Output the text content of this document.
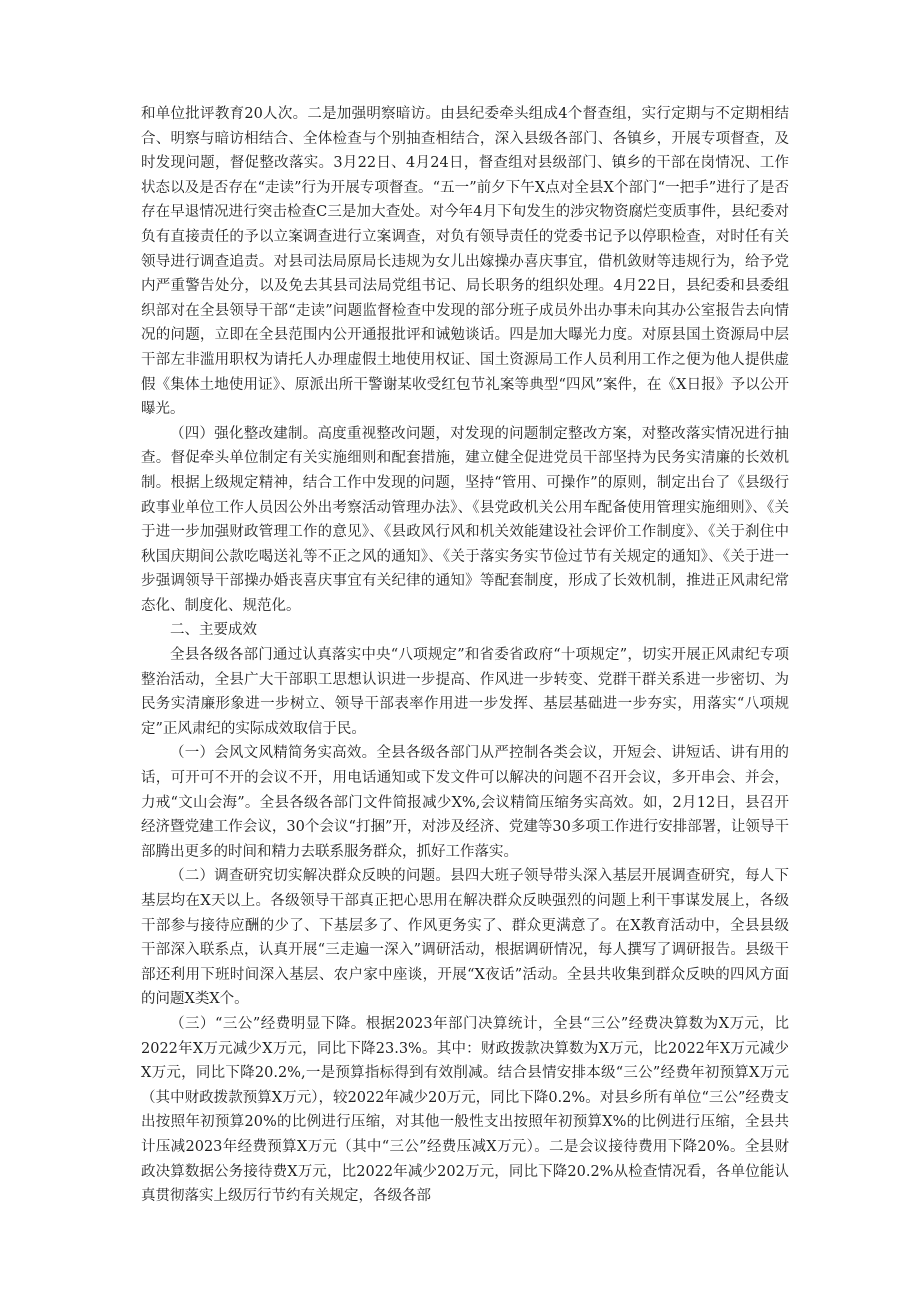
和单位批评教育20人次。二是加强明察暗访。由县纪委牵头组成4个督查组，实行定期与不定期相结合、明察与暗访相结合、全体检查与个别抽查相结合，深入县级各部门、各镇乡，开展专项督查，及时发现问题，督促整改落实。3月22日、4月24日，督查组对县级部门、镇乡的干部在岗情况、工作状态以及是否存在“走读”行为开展专项督查。“五一”前夕下午X点对全县X个部门“一把手”进行了是否存在早退情况进行突击检查C三是加大查处。对今年4月下旬发生的涉灾物资腐烂变质事件，县纪委对负有直接责任的予以立案调查进行立案调查，对负有领导责任的党委书记予以停职检查，对时任有关领导进行调查追责。对县司法局原局长违规为女儿出嫁操办喜庆事宜，借机敛财等违规行为，给予党内严重警告处分，以及免去其县司法局党组书记、局长职务的组织处理。4月22日，县纪委和县委组织部对在全县领导干部“走读”问题监督检查中发现的部分班子成员外出办事未向其办公室报告去向情况的问题，立即在全县范围内公开通报批评和诫勉谈话。四是加大曝光力度。对原县国土资源局中层干部左非滥用职权为请托人办理虚假土地使用权证、国土资源局工作人员利用工作之便为他人提供虚假《集体土地使用证》、原派出所干警谢某收受红包节礼案等典型“四风”案件，在《X日报》予以公开曝光。

（四）强化整改建制。高度重视整改问题，对发现的问题制定整改方案，对整改落实情况进行抽查。督促牵头单位制定有关实施细则和配套措施，建立健全促进党员干部坚持为民务实清廉的长效机制。根据上级规定精神，结合工作中发现的问题，坚持“管用、可操作”的原则，制定出台了《县级行政事业单位工作人员因公外出考察活动管理办法》、《县党政机关公用车配备使用管理实施细则》、《关于进一步加强财政管理工作的意见》、《县政风行风和机关效能建设社会评价工作制度》、《关于刹住中秋国庆期间公款吃喝送礼等不正之风的通知》、《关于落实务实节俭过节有关规定的通知》、《关于进一步强调领导干部操办婚丧喜庆事宜有关纪律的通知》等配套制度，形成了长效机制，推进正风肃纪常态化、制度化、规范化。

二、主要成效

全县各级各部门通过认真落实中央“八项规定”和省委省政府“十项规定”，切实开展正风肃纪专项整治活动，全县广大干部职工思想认识进一步提高、作风进一步转变、党群干群关系进一步密切、为民务实清廉形象进一步树立、领导干部表率作用进一步发挥、基层基础进一步夯实，用落实“八项规定”正风肃纪的实际成效取信于民。

（一）会风文风精简务实高效。全县各级各部门从严控制各类会议，开短会、讲短话、讲有用的话，可开可不开的会议不开，用电话通知或下发文件可以解决的问题不召开会议，多开串会、并会，力戒“文山会海”。全县各级各部门文件简报减少X%,会议精简压缩务实高效。如，2月12日，县召开经济暨党建工作会议，30个会议“打捆”开，对涉及经济、党建等30多项工作进行安排部署，让领导干部腾出更多的时间和精力去联系服务群众，抓好工作落实。

（二）调查研究切实解决群众反映的问题。县四大班子领导带头深入基层开展调查研究，每人下基层均在X天以上。各级领导干部真正把心思用在解决群众反映强烈的问题上利干事谋发展上，各级干部参与接待应酬的少了、下基层多了、作风更务实了、群众更满意了。在X教育活动中，全县县级干部深入联系点，认真开展“三走遍一深入”调研活动，根据调研情况，每人撰写了调研报告。县级干部还利用下班时间深入基层、农户家中座谈，开展“X夜话”活动。全县共收集到群众反映的四风方面的问题X类X个。

（三）“三公”经费明显下降。根据2023年部门决算统计，全县“三公”经费决算数为X万元，比2022年X万元减少X万元，同比下降23.3%。其中：财政拨款决算数为X万元，比2022年X万元减少X万元，同比下降20.2%,一是预算指标得到有效削减。结合县情安排本级“三公”经费年初预算X万元（其中财政拨款预算X万元），较2022年减少20万元，同比下降0.2%。对县乡所有单位“三公”经费支出按照年初预算20%的比例进行压缩，对其他一般性支出按照年初预算X%的比例进行压缩，全县共计压减2023年经费预算X万元（其中“三公”经费压减X万元）。二是会议接待费用下降20%。全县财政决算数据公务接待费X万元，比2022年减少202万元，同比下降20.2%从检查情况看，各单位能认真贯彻落实上级厉行节约有关规定，各级各部
